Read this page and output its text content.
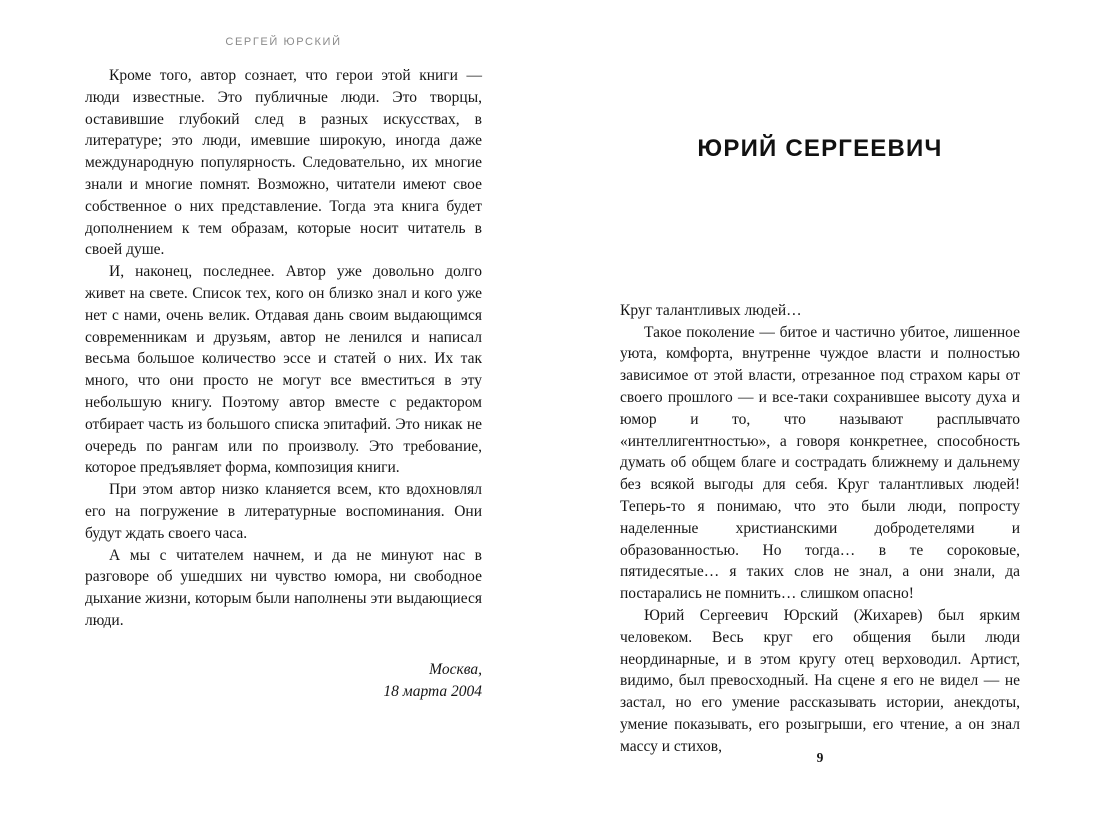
СЕРГЕЙ ЮРСКИЙ

Кроме того, автор сознает, что герои этой книги — люди известные. Это публичные люди. Это творцы, оставившие глубокий след в разных искусствах, в литературе; это люди, имевшие широкую, иногда даже международную популярность. Следовательно, их многие знали и многие помнят. Возможно, читатели имеют свое собственное о них представление. Тогда эта книга будет дополнением к тем образам, которые носит читатель в своей душе.

И, наконец, последнее. Автор уже довольно долго живет на свете. Список тех, кого он близко знал и кого уже нет с нами, очень велик. Отдавая дань своим выдающимся современникам и друзьям, автор не ленился и написал весьма большое количество эссе и статей о них. Их так много, что они просто не могут все вместиться в эту небольшую книгу. Поэтому автор вместе с редактором отбирает часть из большого списка эпитафий. Это никак не очередь по рангам или по произволу. Это требование, которое предъявляет форма, композиция книги.

При этом автор низко кланяется всем, кто вдохновлял его на погружение в литературные воспоминания. Они будут ждать своего часа.

А мы с читателем начнем, и да не минуют нас в разговоре об ушедших ни чувство юмора, ни свободное дыхание жизни, которым были наполнены эти выдающиеся люди.

Москва,
18 марта 2004
ЮРИЙ СЕРГЕЕВИЧ

Круг талантливых людей…

Такое поколение — битое и частично убитое, лишенное уюта, комфорта, внутренне чуждое власти и полностью зависимое от этой власти, отрезанное под страхом кары от своего прошлого — и все-таки сохранившее высоту духа и юмор и то, что называют расплывчато «интеллигентностью», а говоря конкретнее, способность думать об общем благе и сострадать ближнему и дальнему без всякой выгоды для себя. Круг талантливых людей! Теперь-то я понимаю, что это были люди, попросту наделенные христианскими добродетелями и образованностью. Но тогда… в те сороковые, пятидесятые… я таких слов не знал, а они знали, да постарались не помнить… слишком опасно!

Юрий Сергеевич Юрский (Жихарев) был ярким человеком. Весь круг его общения были люди неординарные, и в этом кругу отец верховодил. Артист, видимо, был превосходный. На сцене я его не видел — не застал, но его умение рассказывать истории, анекдоты, умение показывать, его розыгрыши, его чтение, а он знал массу и стихов,

9
